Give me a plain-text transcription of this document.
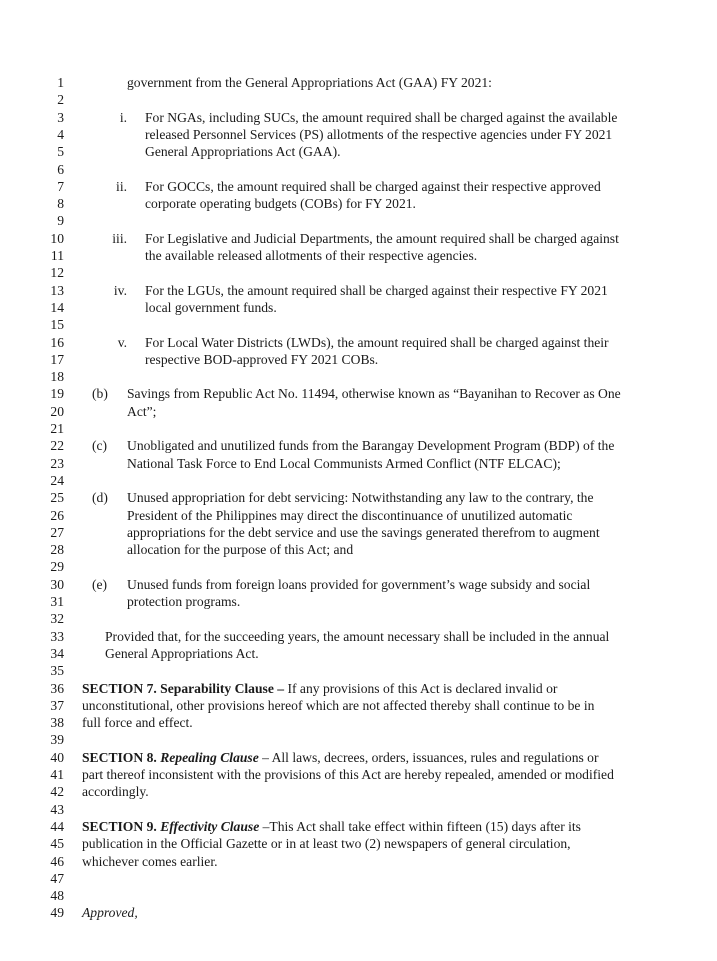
1
2
3
4
5
6
7
8
9
10
11
12
13
14
15
16
17
18
19
20
21
22
23
24
25
26
27
28
29
30
31
32
33
34
35
36
37
38
39
40
41
42
43
44
45
46
47
48
49
government from the General Appropriations Act (GAA) FY 2021:
i. For NGAs, including SUCs, the amount required shall be charged against the available
released Personnel Services (PS) allotments of the respective agencies under FY 2021
General Appropriations Act (GAA).
ii. For GOCCs, the amount required shall be charged against their respective approved
corporate operating budgets (COBs) for FY 2021.
iii. For Legislative and Judicial Departments, the amount required shall be charged against
the available released allotments of their respective agencies.
iv. For the LGUs, the amount required shall be charged against their respective FY 2021
local government funds.
v. For Local Water Districts (LWDs), the amount required shall be charged against their
respective BOD-approved FY 2021 COBs.
(b) Savings from Republic Act No. 11494, otherwise known as “Bayanihan to Recover as One
Act”;
(c) Unobligated and unutilized funds from the Barangay Development Program (BDP) of the
National Task Force to End Local Communists Armed Conflict (NTF ELCAC);
(d) Unused appropriation for debt servicing: Notwithstanding any law to the contrary, the
President of the Philippines may direct the discontinuance of unutilized automatic
appropriations for the debt service and use the savings generated therefrom to augment
allocation for the purpose of this Act; and
(e) Unused funds from foreign loans provided for government’s wage subsidy and social
protection programs.
Provided that, for the succeeding years, the amount necessary shall be included in the annual
General Appropriations Act.
SECTION 7. Separability Clause – If any provisions of this Act is declared invalid or
unconstitutional, other provisions hereof which are not affected thereby shall continue to be in
full force and effect.
SECTION 8. Repealing Clause – All laws, decrees, orders, issuances, rules and regulations or
part thereof inconsistent with the provisions of this Act are hereby repealed, amended or modified
accordingly.
SECTION 9. Effectivity Clause –This Act shall take effect within fifteen (15) days after its
publication in the Official Gazette or in at least two (2) newspapers of general circulation,
whichever comes earlier.
Approved,
